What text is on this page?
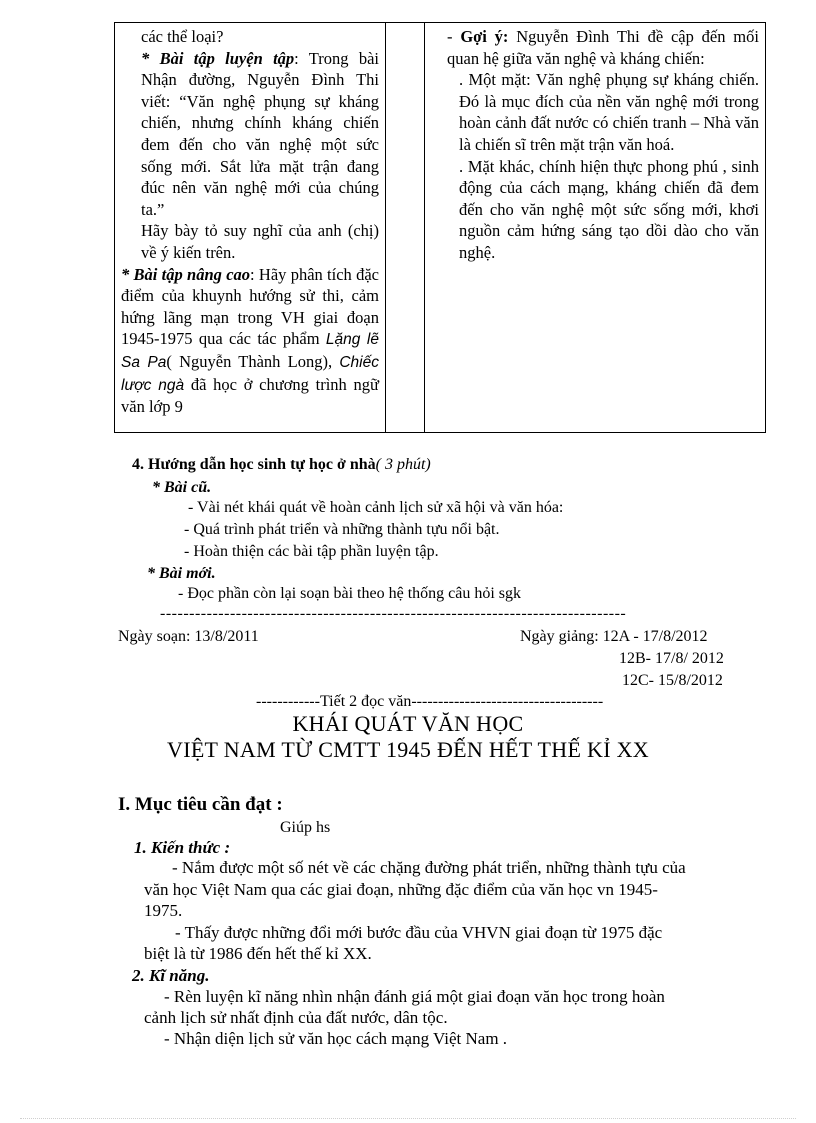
các thể loại?
* Bài tập luyện tập: Trong bài Nhận đường, Nguyễn Đình Thi viết: “Văn nghệ phụng sự kháng chiến, nhưng chính kháng chiến đem đến cho văn nghệ một sức sống mới. Sắt lửa mặt trận đang đúc nên văn nghệ mới của chúng ta.”
Hãy bày tỏ suy nghĩ của anh (chị) về ý kiến trên.
* Bài tập nâng cao: Hãy phân tích đặc điểm của khuynh hướng sử thi, cảm hứng lãng mạn trong VH giai đoạn 1945-1975 qua các tác phẩm Lặng lẽ Sa Pa( Nguyễn Thành Long), Chiếc lược ngà đã học ở chương trình ngữ văn lớp 9

- Gợi ý: Nguyễn Đình Thi đề cập đến mối quan hệ giữa văn nghệ và kháng chiến:
. Một mặt: Văn nghệ phụng sự kháng chiến. Đó là mục đích của nền văn nghệ mới trong hoàn cảnh đất nước có chiến tranh – Nhà văn là chiến sĩ trên mặt trận văn hoá.
. Mặt khác, chính hiện thực phong phú , sinh động của cách mạng, kháng chiến đã đem đến cho văn nghệ một sức sống mới, khơi nguồn cảm hứng sáng tạo dồi dào cho văn nghệ.
4. Hướng dẫn học sinh tự học ở nhà( 3 phút)
* Bài cũ.
- Vài nét khái quát về hoàn cảnh lịch sử xã hội và văn hóa:
- Quá trình phát triển và những thành tựu nổi bật.
- Hoàn thiện các bài tập phần luyện tập.
* Bài mới.
- Đọc phần còn lại soạn bài theo hệ thống câu hỏi sgk
--------------------------------------------------------------------------------
Ngày soạn: 13/8/2011	Ngày giảng: 12A - 17/8/2012
12B- 17/8/ 2012
12C- 15/8/2012
------------Tiết 2 đọc văn------------------------------------
KHÁI QUÁT VĂN HỌC
VIỆT NAM TỪ CMTT 1945 ĐẾN HẾT THẾ KỈ XX
I. Mục tiêu cần đạt :
Giúp hs
1. Kiến thức :
- Nắm được một số nét về các chặng đường phát triển, những thành tựu của
văn học Việt Nam qua các giai đoạn, những đặc điểm của văn học vn 1945-
1975.
- Thấy được những đổi mới bước đầu của VHVN giai đoạn từ 1975 đặc
biệt là từ 1986 đến hết thế kỉ XX.
2. Kĩ năng.
- Rèn luyện kĩ năng nhìn nhận đánh giá một giai đoạn văn học trong hoàn
cảnh lịch sử nhất định của đất nước, dân tộc.
- Nhận diện lịch sử văn học cách mạng Việt Nam .
